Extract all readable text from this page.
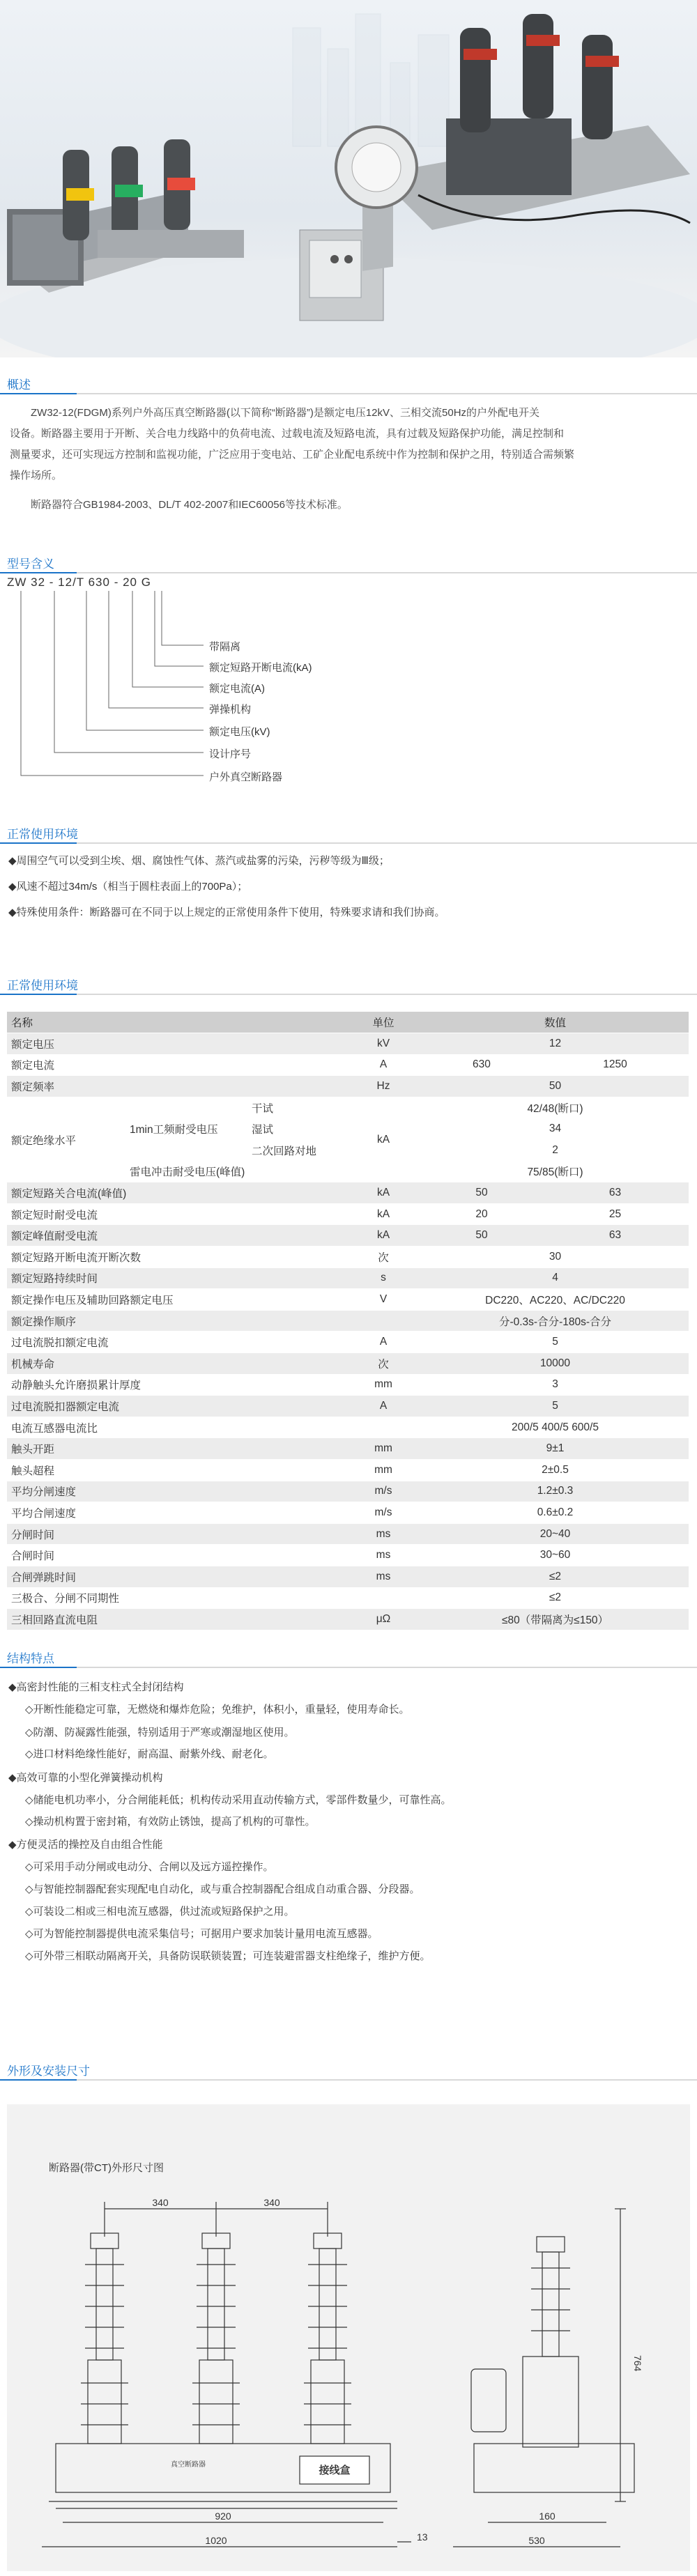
概述

ZW32-12(FDGM)系列户外高压真空断路器(以下简称“断路器”)是额定电压12kV、三相交流50Hz的户外配电开关

设备。断路器主要用于开断、关合电力线路中的负荷电流、过载电流及短路电流，具有过载及短路保护功能，满足控制和
测量要求，还可实现远方控制和监视功能，广泛应用于变电站、工矿企业配电系统中作为控制和保护之用，特别适合需频繁
操作场所。

断路器符合GB1984-2003、DL/T 402-2007和IEC60056等技术标准。

型号含义
ZW 32 - 12/T 630 - 20 G
带隔离
额定短路开断电流(kA)
额定电流(A)
弹操机构
额定电压(kV)
设计序号
户外真空断路器
正常使用环境
◆周围空气可以受到尘埃、烟、腐蚀性气体、蒸汽或盐雾的污染，污秽等级为Ⅲ级；
◆风速不超过34m/s（相当于圆柱表面上的700Pa）；
◆特殊使用条件：断路器可在不同于以上规定的正常使用条件下使用，特殊要求请和我们协商。
正常使用环境
名称			单位	数值	
额定电压			kV	12	
额定电流			A	630	1250
额定频率			Hz	50	
额定绝缘水平	1min工频耐受电压	干试	kA	42/48(断口)	
		湿试		34	
		二次回路对地		2	
	雷电冲击耐受电压(峰值)			75/85(断口)	
额定短路关合电流(峰值)			kA	50	63
额定短时耐受电流			kA	20	25
额定峰值耐受电流			kA	50	63
额定短路开断电流开断次数			次	30	
额定短路持续时间			s	4	
额定操作电压及辅助回路额定电压			V	DC220、AC220、AC/DC220	
额定操作顺序				分-0.3s-合分-180s-合分	
过电流脱扣额定电流			A	5	
机械寿命			次	10000	
动静触头允许磨损累计厚度			mm	3	
过电流脱扣器额定电流			A	5	
电流互感器电流比				200/5 400/5 600/5	
触头开距			mm	9±1	
触头超程			mm	2±0.5	
平均分闸速度			m/s	1.2±0.3	
平均合闸速度			m/s	0.6±0.2	
分闸时间			ms	20~40	
合闸时间			ms	30~60	
合闸弹跳时间			ms	≤2	
三极合、分闸不同期性				≤2	
三相回路直流电阻			μΩ	≤80（带隔离为≤150）	
结构特点
◆高密封性能的三相支柱式全封闭结构
◇开断性能稳定可靠，无燃烧和爆炸危险；免维护，体积小，重量轻，使用寿命长。
◇防潮、防凝露性能强，特别适用于严寒或潮湿地区使用。
◇进口材料绝缘性能好，耐高温、耐紫外线、耐老化。
◆高效可靠的小型化弹簧操动机构
◇储能电机功率小，分合闸能耗低；机构传动采用直动传输方式，零部件数量少，可靠性高。
◇操动机构置于密封箱，有效防止锈蚀，提高了机构的可靠性。
◆方便灵活的操控及自由组合性能
◇可采用手动分闸或电动分、合闸以及远方遥控操作。
◇与智能控制器配套实现配电自动化，或与重合控制器配合组成自动重合器、分段器。
◇可装设二相或三相电流互感器，供过流或短路保护之用。
◇可为智能控制器提供电流采集信号；可据用户要求加装计量用电流互感器。
◇可外带三相联动隔离开关，具备防误联锁装置；可连装避雷器支柱绝缘子，维护方便。
外形及安装尺寸
断路器(带CT)外形尺寸图
340	340
920
1020	13
160
530
764
接线盒
真空断路器
